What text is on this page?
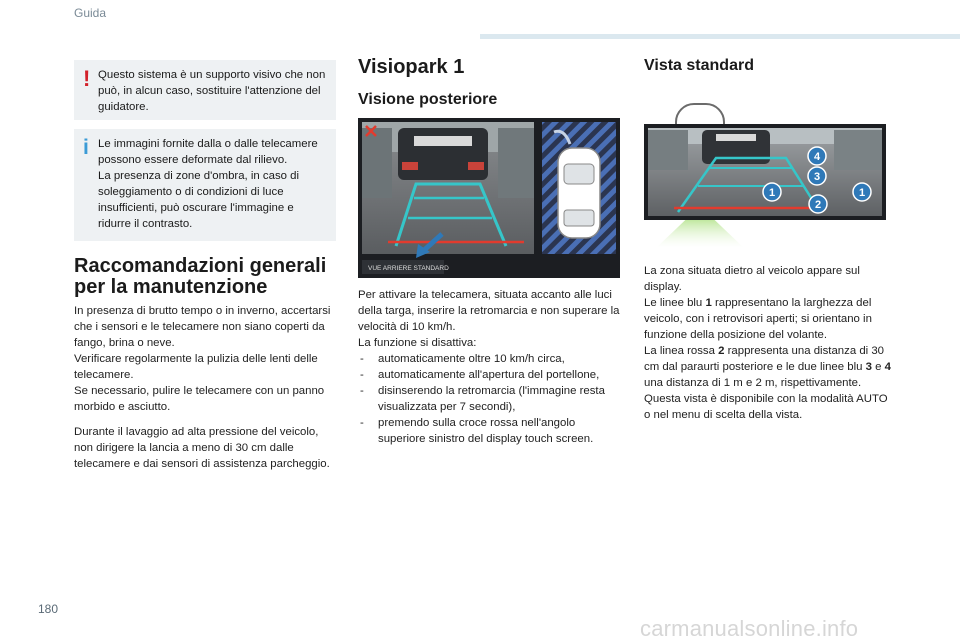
Guida
! Questo sistema è un supporto visivo che non può, in alcun caso, sostituire l'attenzione del guidatore.

i Le immagini fornite dalla o dalle telecamere possono essere deformate dal rilievo.

La presenza di zone d'ombra, in caso di soleggiamento o di condizioni di luce insufficienti, può oscurare l'immagine e ridurre il contrasto.

Raccomandazioni generali
per la manutenzione

In presenza di brutto tempo o in inverno, accertarsi che i sensori e le telecamere non siano coperti da fango, brina o neve.

Verificare regolarmente la pulizia delle lenti delle telecamere.

Se necessario, pulire le telecamere con un panno morbido e asciutto.

Durante il lavaggio ad alta pressione del veicolo, non dirigere la lancia a meno di 30 cm dalle telecamere e dai sensori di assistenza parcheggio.

Visiopark 1
Visione posteriore
VUE ARRIERE STANDARD

Per attivare la telecamera, situata accanto alle luci della targa, inserire la retromarcia e non superare la velocità di 10 km/h.

La funzione si disattiva:

- automaticamente oltre 10 km/h circa,
- automaticamente all'apertura del portellone,
- disinserendo la retromarcia (l'immagine resta visualizzata per 7 secondi),
- premendo sulla croce rossa nell'angolo superiore sinistro del display touch screen.
Vista standard
4
3
1	1
2

La zona situata dietro al veicolo appare sul display.

Le linee blu 1 rappresentano la larghezza del veicolo, con i retrovisori aperti; si orientano in funzione della posizione del volante.

La linea rossa 2 rappresenta una distanza di 30 cm dal paraurti posteriore e le due linee blu 3 e 4 una distanza di 1 m e 2 m, rispettivamente.

Questa vista è disponibile con la modalità AUTO o nel menu di scelta della vista.

180
carmanualsonline.info
